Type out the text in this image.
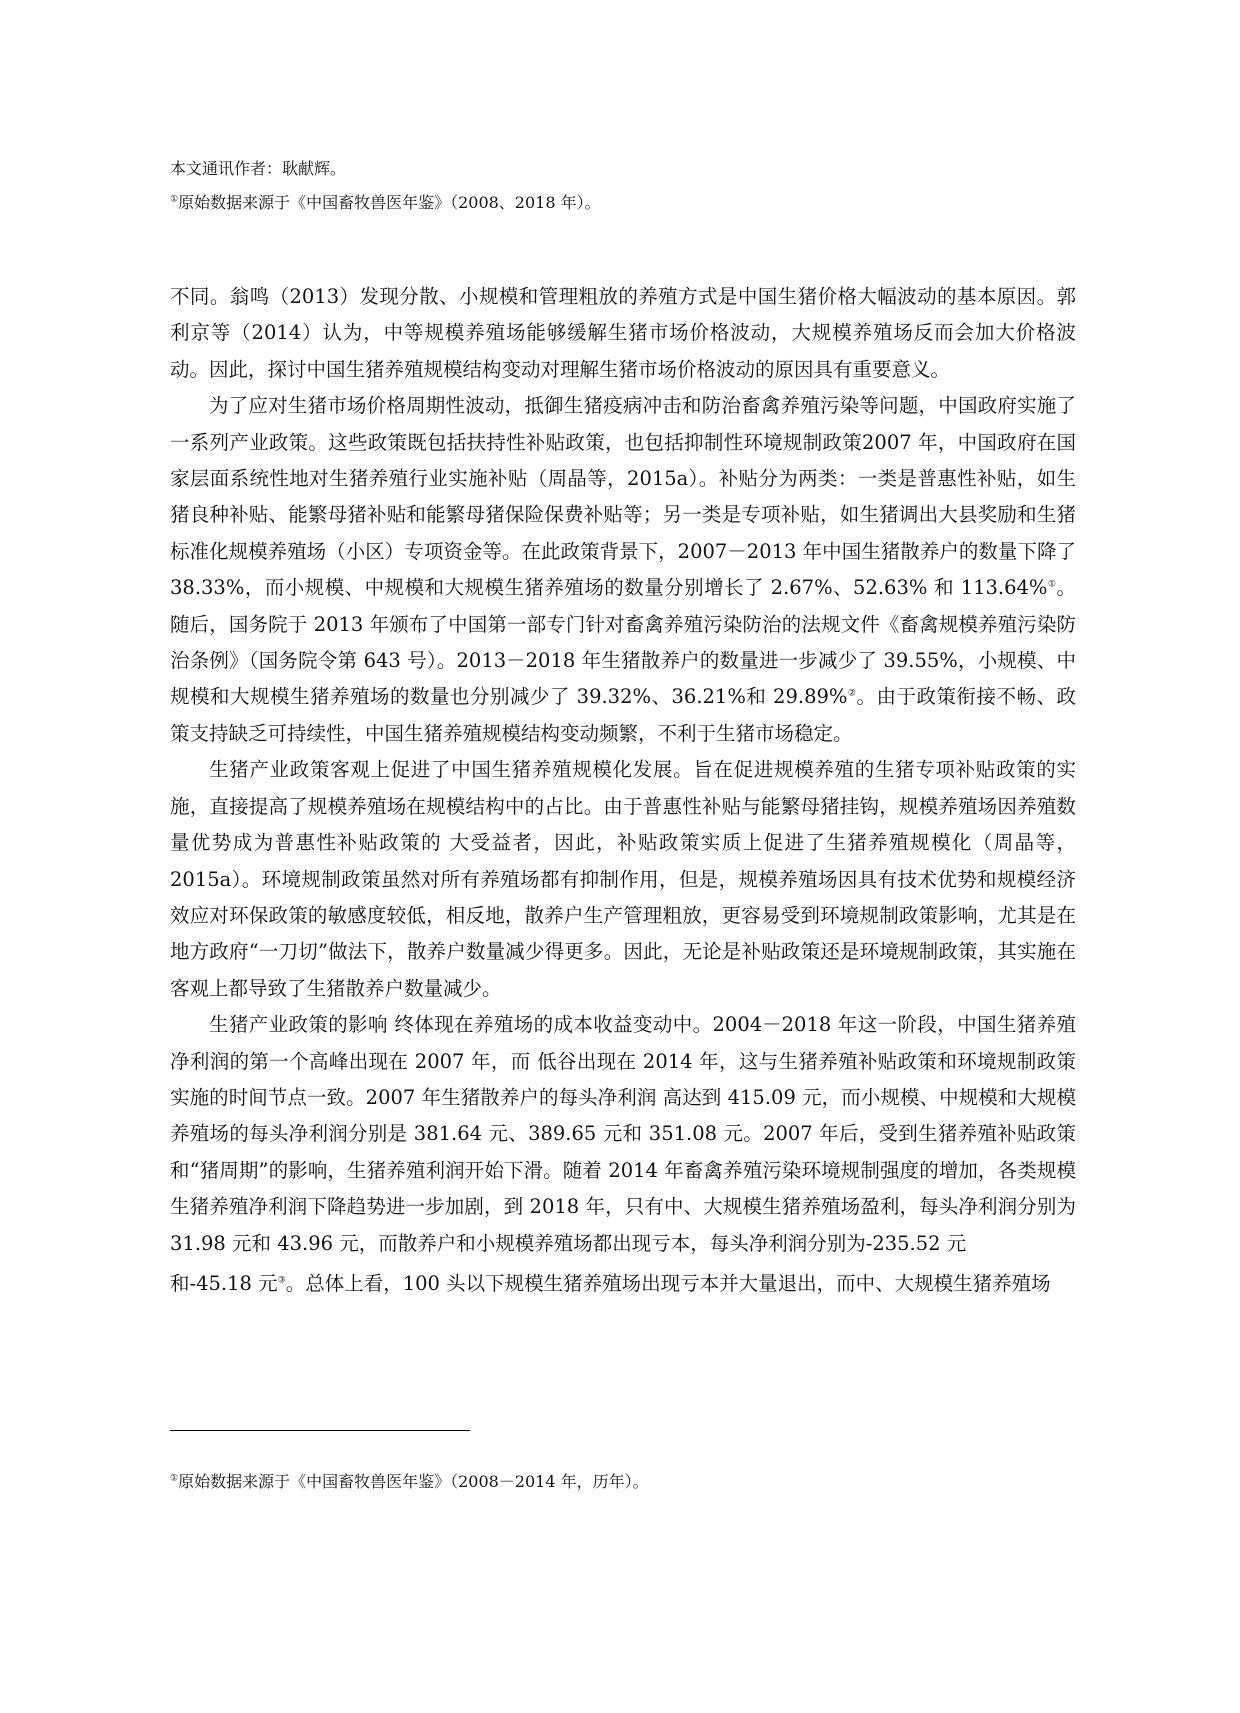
本文通讯作者：耿献辉。

①原始数据来源于《中国畜牧兽医年鉴》（2008、2018 年）。

不同。翁鸣（2013）发现分散、小规模和管理粗放的养殖方式是中国生猪价格大幅波动的基本原因。郭利京等（2014）认为，中等规模养殖场能够缓解生猪市场价格波动，大规模养殖场反而会加大价格波动。因此，探讨中国生猪养殖规模结构变动对理解生猪市场价格波动的原因具有重要意义。

为了应对生猪市场价格周期性波动，抵御生猪疫病冲击和防治畜禽养殖污染等问题，中国政府实施了一系列产业政策。这些政策既包括扶持性补贴政策，也包括抑制性环境规制政策2007 年，中国政府在国家层面系统性地对生猪养殖行业实施补贴（周晶等，2015a）。补贴分为两类：一类是普惠性补贴，如生猪良种补贴、能繁母猪补贴和能繁母猪保险保费补贴等；另一类是专项补贴，如生猪调出大县奖励和生猪标准化规模养殖场（小区）专项资金等。在此政策背景下，2007－2013 年中国生猪散养户的数量下降了 38.33%，而小规模、中规模和大规模生猪养殖场的数量分别增长了 2.67%、52.63% 和 113.64%①。随后，国务院于 2013 年颁布了中国第一部专门针对畜禽养殖污染防治的法规文件《畜禽规模养殖污染防治条例》（国务院令第 643 号）。2013－2018 年生猪散养户的数量进一步减少了 39.55%，小规模、中规模和大规模生猪养殖场的数量也分别减少了 39.32%、36.21%和 29.89%②。由于政策衔接不畅、政策支持缺乏可持续性，中国生猪养殖规模结构变动频繁，不利于生猪市场稳定。

生猪产业政策客观上促进了中国生猪养殖规模化发展。旨在促进规模养殖的生猪专项补贴政策的实施，直接提高了规模养殖场在规模结构中的占比。由于普惠性补贴与能繁母猪挂钩，规模养殖场因养殖数量优势成为普惠性补贴政策的 大受益者，因此，补贴政策实质上促进了生猪养殖规模化（周晶等，2015a）。环境规制政策虽然对所有养殖场都有抑制作用，但是，规模养殖场因具有技术优势和规模经济效应对环保政策的敏感度较低，相反地，散养户生产管理粗放，更容易受到环境规制政策影响，尤其是在地方政府“一刀切”做法下，散养户数量减少得更多。因此，无论是补贴政策还是环境规制政策，其实施在客观上都导致了生猪散养户数量减少。

生猪产业政策的影响 终体现在养殖场的成本收益变动中。2004－2018 年这一阶段，中国生猪养殖净利润的第一个高峰出现在 2007 年，而 低谷出现在 2014 年，这与生猪养殖补贴政策和环境规制政策实施的时间节点一致。2007 年生猪散养户的每头净利润 高达到 415.09 元，而小规模、中规模和大规模养殖场的每头净利润分别是 381.64 元、389.65 元和 351.08 元。2007 年后，受到生猪养殖补贴政策和“猪周期”的影响，生猪养殖利润开始下滑。随着 2014 年畜禽养殖污染环境规制强度的增加，各类规模生猪养殖净利润下降趋势进一步加剧，到 2018 年，只有中、大规模生猪养殖场盈利，每头净利润分别为 31.98 元和 43.96 元，而散养户和小规模养殖场都出现亏本，每头净利润分别为-235.52 元

和-45.18 元③。总体上看，100 头以下规模生猪养殖场出现亏本并大量退出，而中、大规模生猪养殖场

①原始数据来源于《中国畜牧兽医年鉴》（2008－2014 年，历年）。
